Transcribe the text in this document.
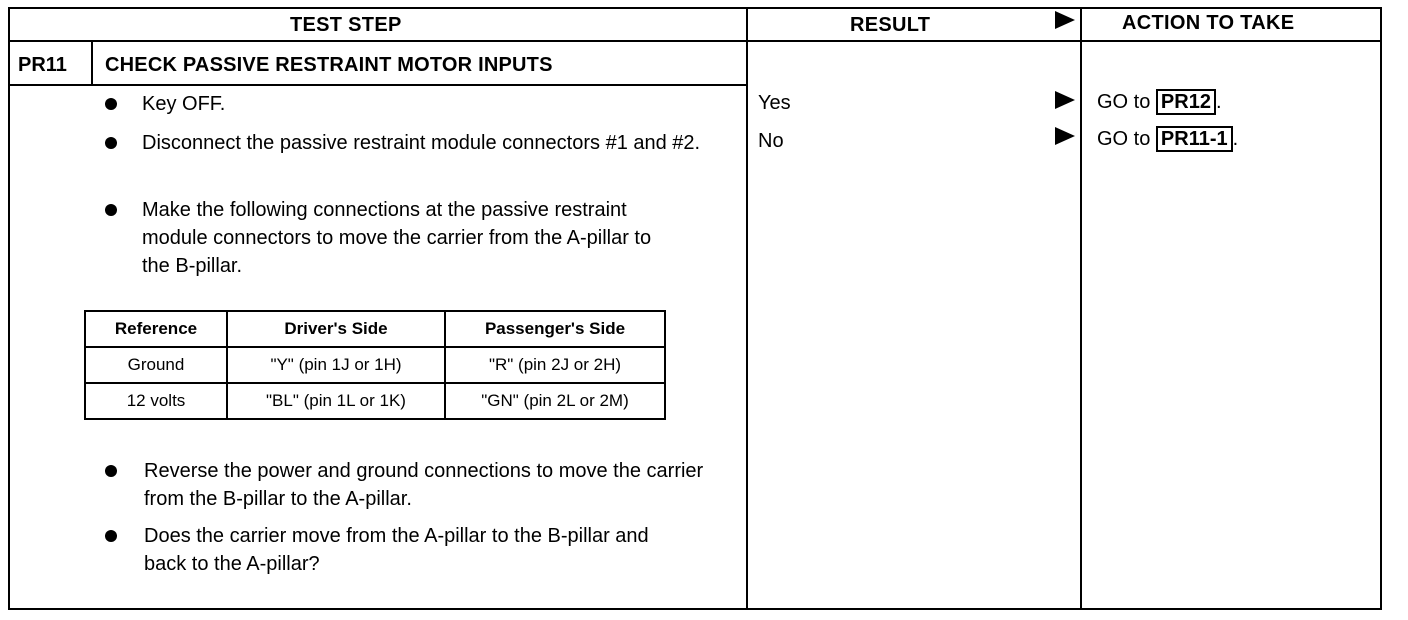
TEST STEP	RESULT	ACTION TO TAKE
PR11 CHECK PASSIVE RESTRAINT MOTOR INPUTS
Key OFF.
Disconnect the passive restraint module connectors #1 and #2.
Make the following connections at the passive restraint module connectors to move the carrier from the A-pillar to the B-pillar.
Reference	Driver's Side	Passenger's Side
Ground	"Y" (pin 1J or 1H)	"R" (pin 2J or 2H)
12 volts	"BL" (pin 1L or 1K)	"GN" (pin 2L or 2M)
Reverse the power and ground connections to move the carrier from the B-pillar to the A-pillar.
Does the carrier move from the A-pillar to the B-pillar and back to the A-pillar?
Yes	GO to PR12 .
No	GO to PR11-1 .
